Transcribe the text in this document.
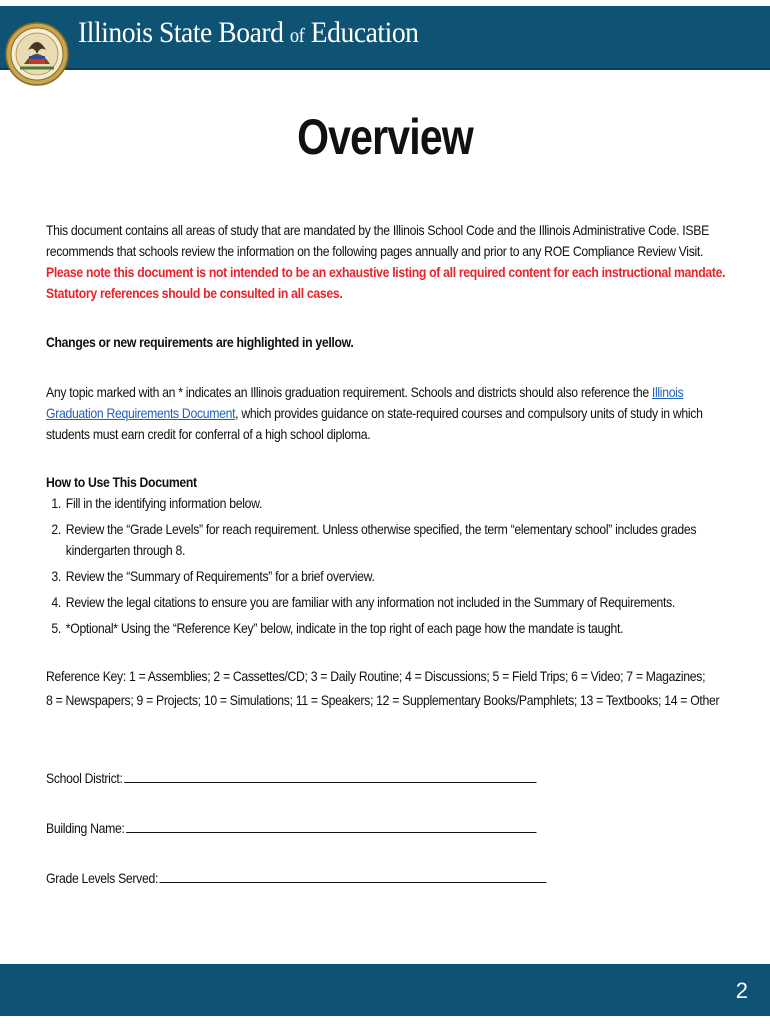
Illinois State Board of Education
Overview

This document contains all areas of study that are mandated by the Illinois School Code and the Illinois Administrative Code. ISBE recommends that schools review the information on the following pages annually and prior to any ROE Compliance Review Visit. Please note this document is not intended to be an exhaustive listing of all required content for each instructional mandate. Statutory references should be consulted in all cases.

Changes or new requirements are highlighted in yellow.

Any topic marked with an * indicates an Illinois graduation requirement. Schools and districts should also reference the Illinois Graduation Requirements Document, which provides guidance on state-required courses and compulsory units of study in which students must earn credit for conferral of a high school diploma.

How to Use This Document
1. Fill in the identifying information below.
2. Review the “Grade Levels” for reach requirement. Unless otherwise specified, the term “elementary school” includes grades kindergarten through 8.
3. Review the “Summary of Requirements” for a brief overview.
4. Review the legal citations to ensure you are familiar with any information not included in the Summary of Requirements.
5. *Optional* Using the “Reference Key” below, indicate in the top right of each page how the mandate is taught.
Reference Key: 1 = Assemblies; 2 = Cassettes/CD; 3 = Daily Routine; 4 = Discussions; 5 = Field Trips; 6 = Video; 7 = Magazines;
8 = Newspapers; 9 = Projects; 10 = Simulations; 11 = Speakers; 12 = Supplementary Books/Pamphlets; 13 = Textbooks; 14 = Other
School District:
Building Name:
Grade Levels Served:
2
